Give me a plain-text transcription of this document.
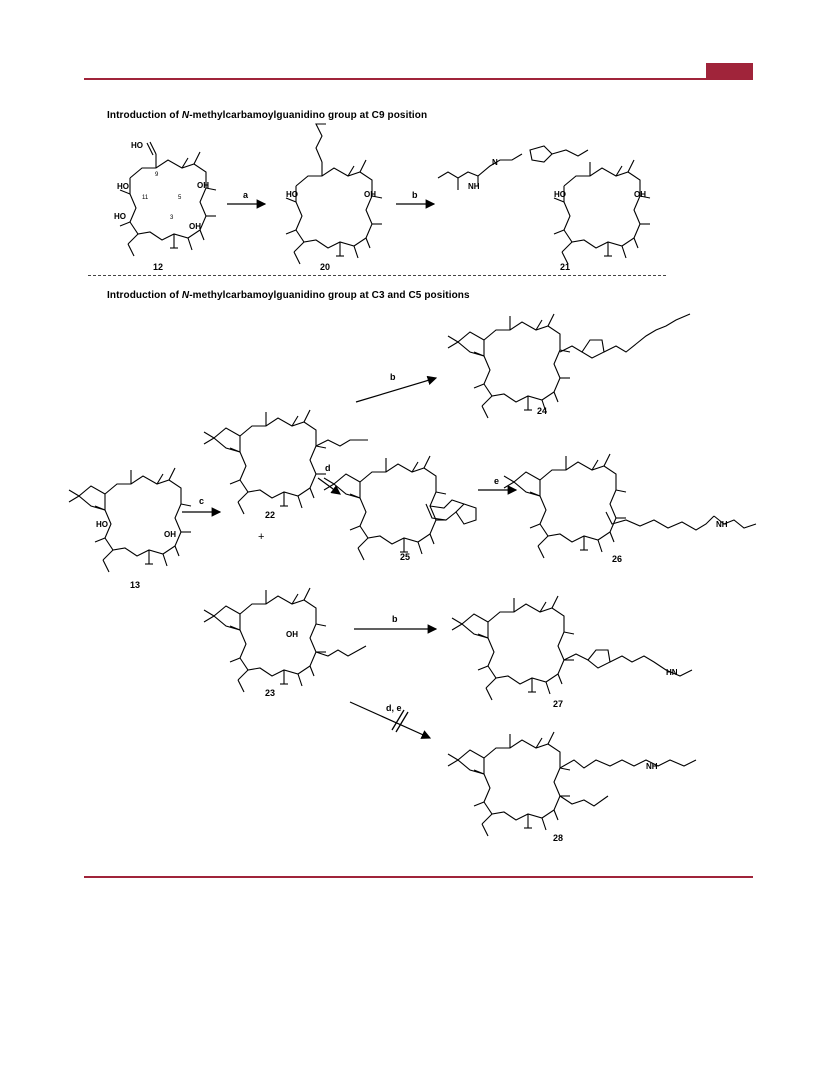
Introduction of N-methylcarbamoylguanidino group at C9 position
Introduction of N-methylcarbamoylguanidino group at C3 and C5 positions
12	20	21
13
22
23
24
25	26
27
28
a	b
b
c
d
e
b
d, e
+
HO	OH
OH
HO
HO
9
11	5
3
HO	OH	HO	OH
N
NH
HO
OH
OH
HN
NH
NH
